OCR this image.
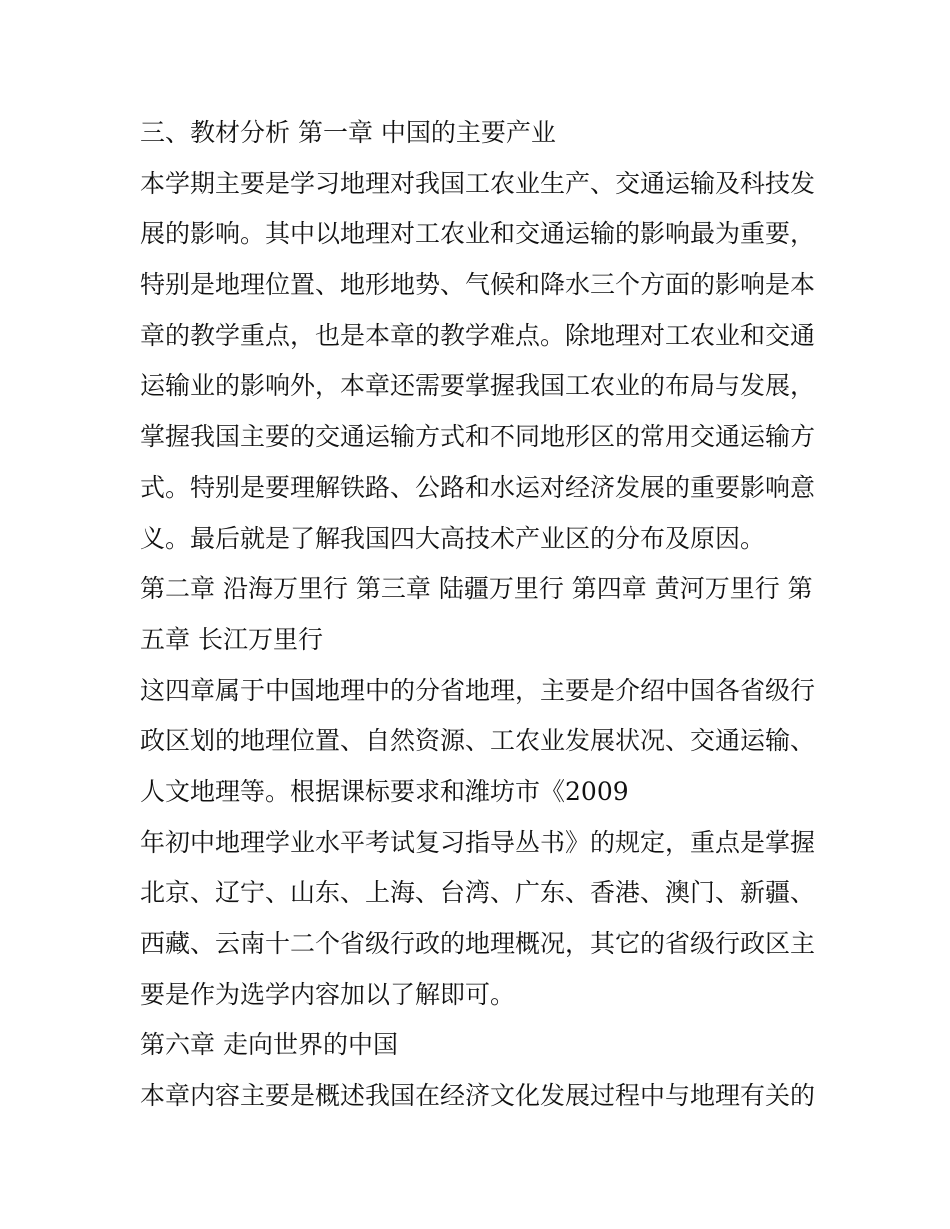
三、教材分析 第一章 中国的主要产业

本学期主要是学习地理对我国工农业生产、交通运输及科技发

展的影响。其中以地理对工农业和交通运输的影响最为重要，

特别是地理位置、地形地势、气候和降水三个方面的影响是本

章的教学重点，也是本章的教学难点。除地理对工农业和交通

运输业的影响外，本章还需要掌握我国工农业的布局与发展，

掌握我国主要的交通运输方式和不同地形区的常用交通运输方

式。特别是要理解铁路、公路和水运对经济发展的重要影响意

义。最后就是了解我国四大高技术产业区的分布及原因。

第二章 沿海万里行 第三章 陆疆万里行 第四章 黄河万里行 第

五章 长江万里行

这四章属于中国地理中的分省地理，主要是介绍中国各省级行

政区划的地理位置、自然资源、工农业发展状况、交通运输、

人文地理等。根据课标要求和潍坊市《2009

年初中地理学业水平考试复习指导丛书》的规定，重点是掌握

北京、辽宁、山东、上海、台湾、广东、香港、澳门、新疆、

西藏、云南十二个省级行政的地理概况，其它的省级行政区主

要是作为选学内容加以了解即可。

第六章 走向世界的中国

本章内容主要是概述我国在经济文化发展过程中与地理有关的
